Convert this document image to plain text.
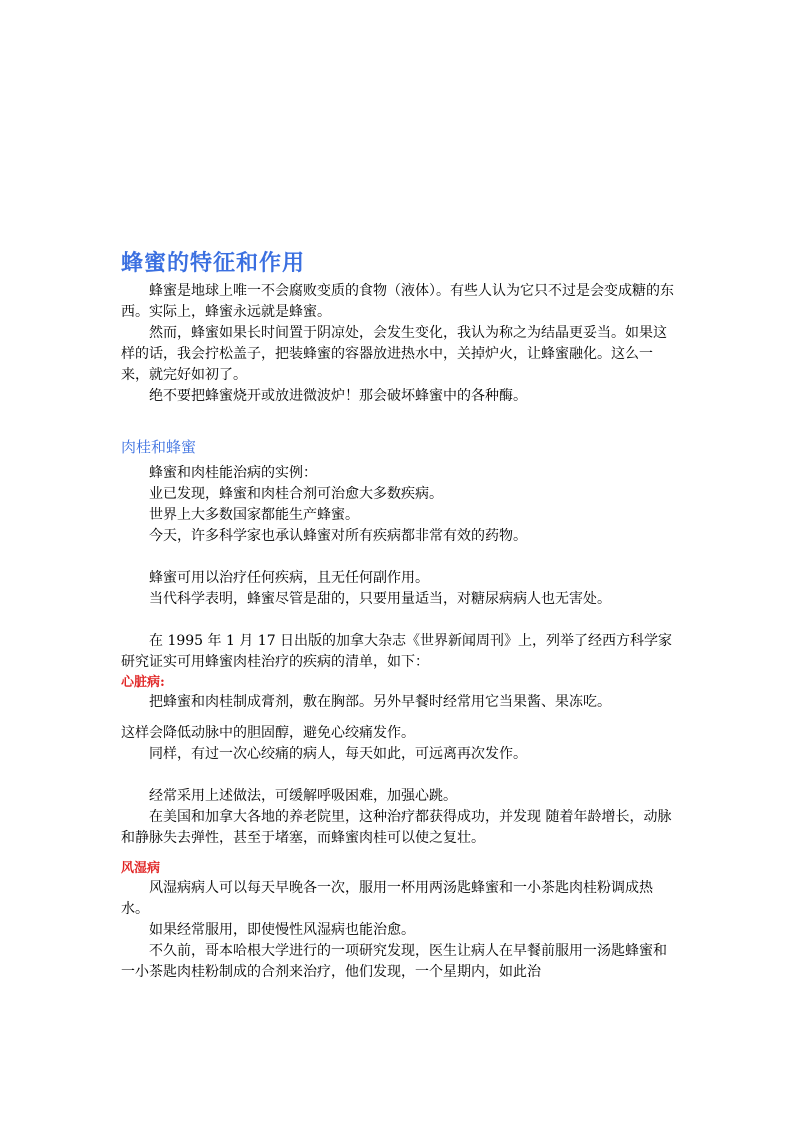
蜂蜜的特征和作用

蜂蜜是地球上唯一不会腐败变质的食物（液体）。有些人认为它只不过是会变成糖的东西。实际上，蜂蜜永远就是蜂蜜。

然而，蜂蜜如果长时间置于阴凉处，会发生变化，我认为称之为结晶更妥当。如果这样的话，我会拧松盖子，把装蜂蜜的容器放进热水中，关掉炉火，让蜂蜜融化。这么一来，就完好如初了。

绝不要把蜂蜜烧开或放进微波炉！那会破坏蜂蜜中的各种酶。

肉桂和蜂蜜

蜂蜜和肉桂能治病的实例：

业已发现，蜂蜜和肉桂合剂可治愈大多数疾病。

世界上大多数国家都能生产蜂蜜。

今天，许多科学家也承认蜂蜜对所有疾病都非常有效的药物。

蜂蜜可用以治疗任何疾病，且无任何副作用。

当代科学表明，蜂蜜尽管是甜的，只要用量适当，对糖尿病病人也无害处。

在 1995 年 1 月 17 日出版的加拿大杂志《世界新闻周刊》上，列举了经西方科学家研究证实可用蜂蜜肉桂治疗的疾病的清单，如下：

心脏病:

把蜂蜜和肉桂制成膏剂，敷在胸部。另外早餐时经常用它当果酱、果冻吃。

这样会降低动脉中的胆固醇，避免心绞痛发作。

同样，有过一次心绞痛的病人，每天如此，可远离再次发作。

经常采用上述做法，可缓解呼吸困难，加强心跳。

在美国和加拿大各地的养老院里，这种治疗都获得成功，并发现 随着年龄增长，动脉和静脉失去弹性，甚至于堵塞，而蜂蜜肉桂可以使之复壮。

风湿病

风湿病病人可以每天早晚各一次，服用一杯用两汤匙蜂蜜和一小茶匙肉桂粉调成热水。

如果经常服用，即使慢性风湿病也能治愈。

不久前，哥本哈根大学进行的一项研究发现，医生让病人在早餐前服用一汤匙蜂蜜和一小茶匙肉桂粉制成的合剂来治疗，他们发现，一个星期内，如此治
